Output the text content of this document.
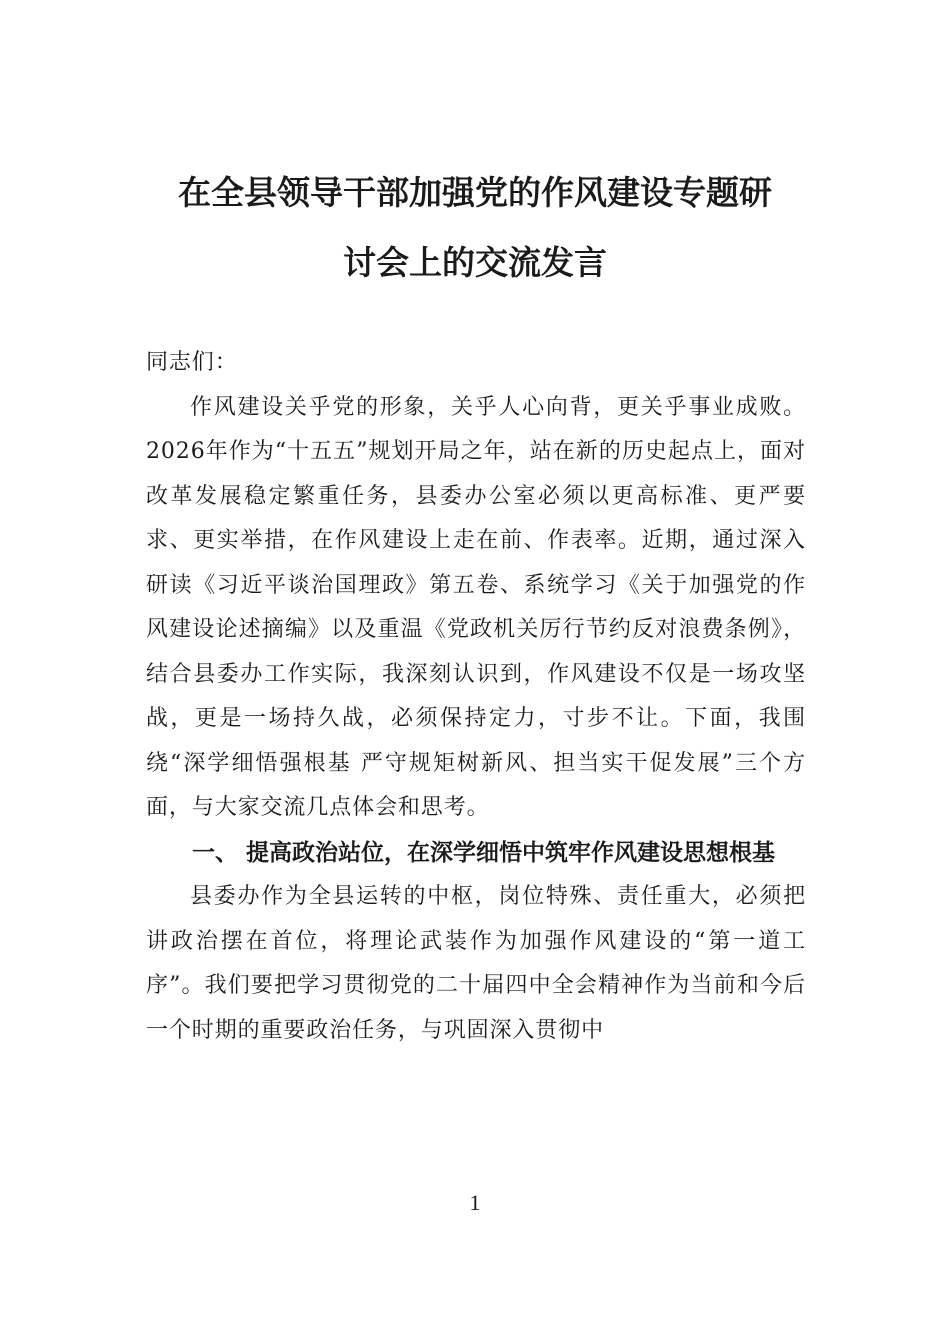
在全县领导干部加强党的作风建设专题研
讨会上的交流发言

同志们：

作风建设关乎党的形象，关乎人心向背，更关乎事业成败。2026年作为“十五五”规划开局之年，站在新的历史起点上，面对改革发展稳定繁重任务，县委办公室必须以更高标准、更严要求、更实举措，在作风建设上走在前、作表率。近期，通过深入研读《习近平谈治国理政》第五卷、系统学习《关于加强党的作风建设论述摘编》以及重温《党政机关厉行节约反对浪费条例》，结合县委办工作实际，我深刻认识到，作风建设不仅是一场攻坚战，更是一场持久战，必须保持定力，寸步不让。下面，我围绕“深学细悟强根基 严守规矩树新风、担当实干促发展”三个方面，与大家交流几点体会和思考。

一、 提高政治站位，在深学细悟中筑牢作风建设思想根基

县委办作为全县运转的中枢，岗位特殊、责任重大，必须把讲政治摆在首位，将理论武装作为加强作风建设的“第一道工序”。我们要把学习贯彻党的二十届四中全会精神作为当前和今后一个时期的重要政治任务，与巩固深入贯彻中

1
